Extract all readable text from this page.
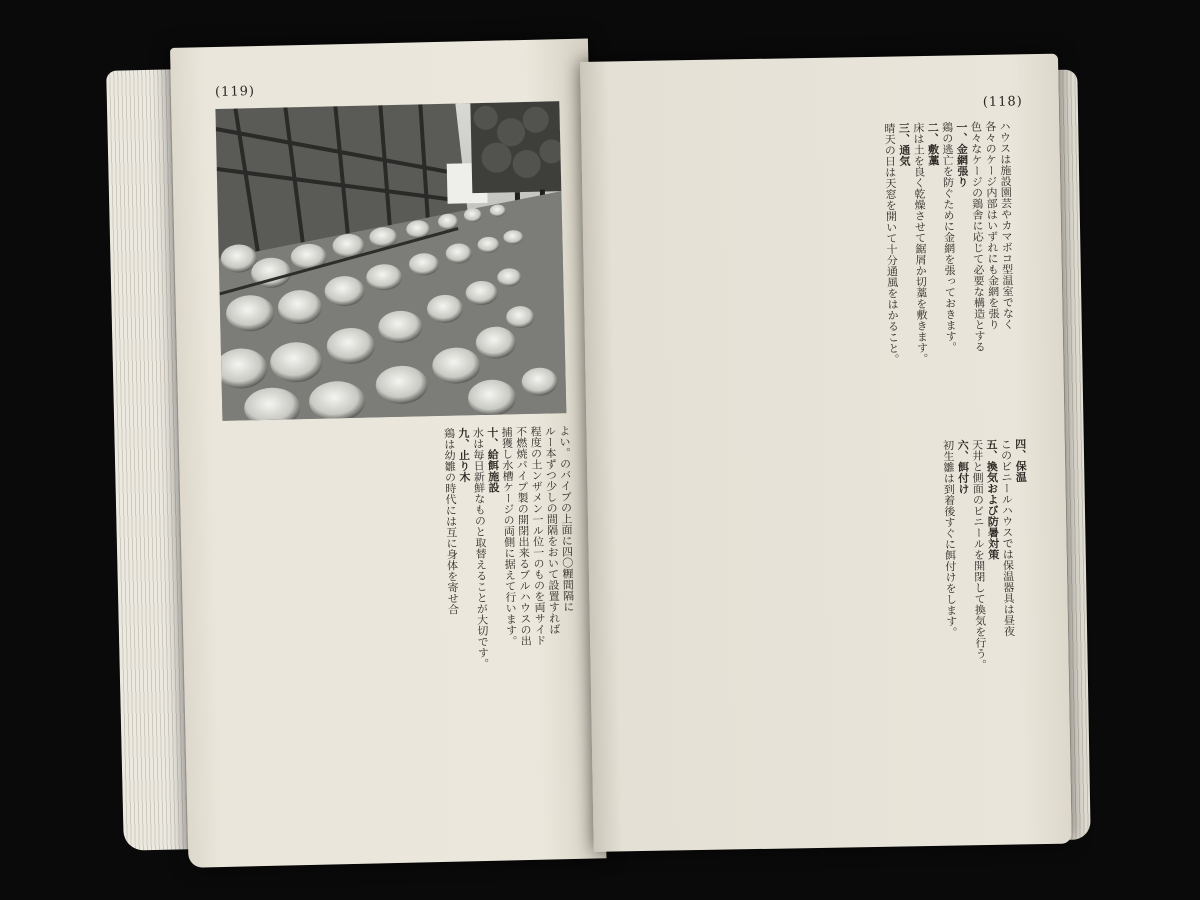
(119)

よい。のバイプの上面に四〇糎間隔に

ルー本ずつ少しの間隔をおいて設置すれば

程度の土ンザメン一ル位一のものを両サイド

不燃焼パイプ製の開閉出来るブルハウスの出

捕獲し水槽ケージの両側に据えて行います。

十、給餌施設

水は毎日新鮮なものと取替えることが大切です。

九、止り木

鶏は幼雛の時代には互に身体を寄せ合

(118)

ハウスは施設園芸やカマボコ型温室でなく

各々のケージ内部はいずれにも金網を張り

色々なケージの鶏舎に応じて必要な構造とする

一、金網張り

鶏の逃亡を防ぐために金網を張っておきます。

二、敷藁

床は土を良く乾燥させて鋸屑か切藁を敷きます。

三、通気

晴天の日は天窓を開いて十分通風をはかること。

四、保温

このビニールハウスでは保温器具は昼夜

五、換気および防暑対策

天井と側面のビニールを開閉して換気を行う。

六、餌付け

初生雛は到着後すぐに餌付けをします。
